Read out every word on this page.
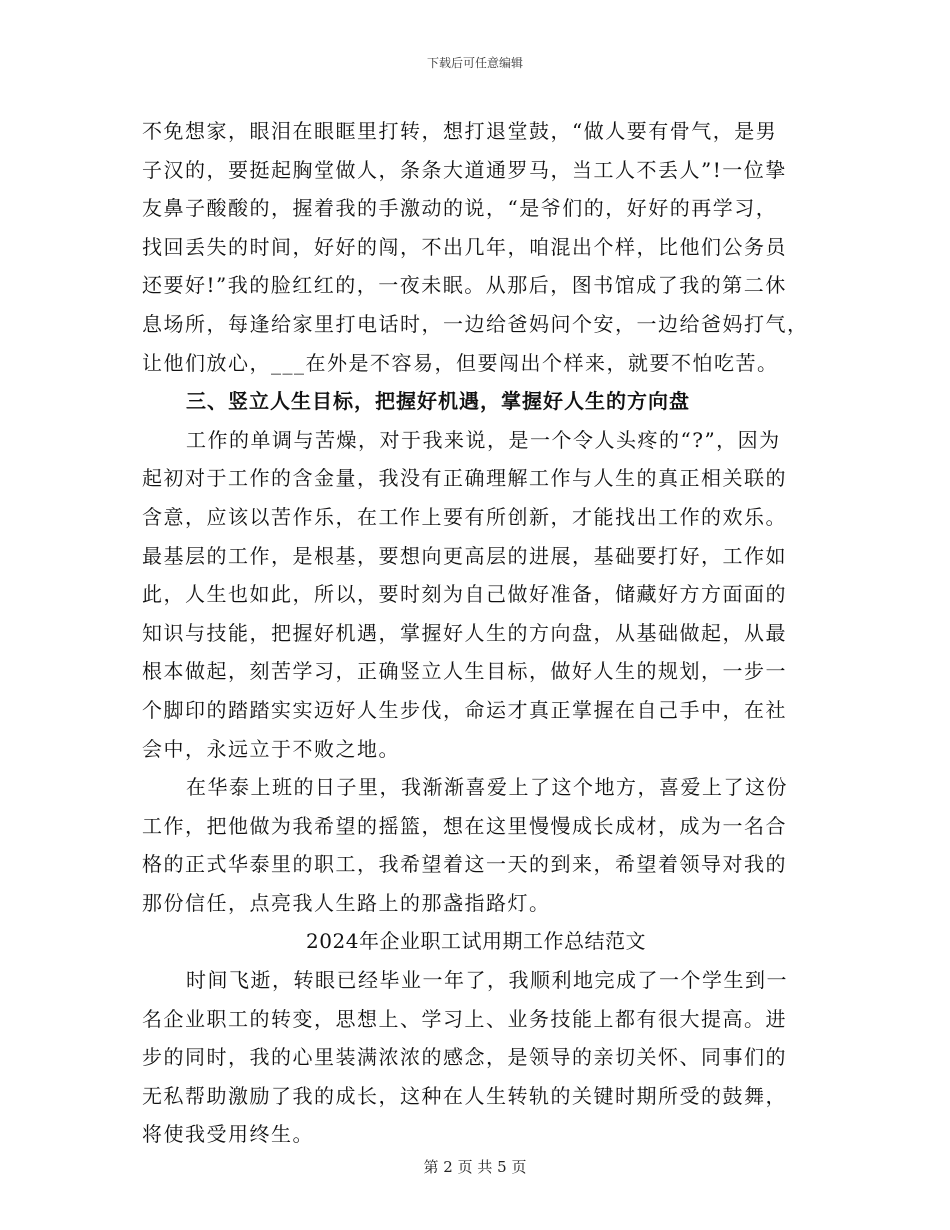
下载后可任意编辑
不免想家，眼泪在眼眶里打转，想打退堂鼓，“做人要有骨气，是男
子汉的，要挺起胸堂做人，条条大道通罗马，当工人不丢人”!一位挚
友鼻子酸酸的，握着我的手激动的说，“是爷们的，好好的再学习，
找回丢失的时间，好好的闯，不出几年，咱混出个样，比他们公务员
还要好!”我的脸红红的，一夜未眠。从那后，图书馆成了我的第二休
息场所，每逢给家里打电话时，一边给爸妈问个安，一边给爸妈打气，
让他们放心，___在外是不容易，但要闯出个样来，就要不怕吃苦。
三、竖立人生目标，把握好机遇，掌握好人生的方向盘
工作的单调与苦燥，对于我来说，是一个令人头疼的“?”，因为
起初对于工作的含金量，我没有正确理解工作与人生的真正相关联的
含意，应该以苦作乐，在工作上要有所创新，才能找出工作的欢乐。
最基层的工作，是根基，要想向更高层的进展，基础要打好，工作如
此，人生也如此，所以，要时刻为自己做好准备，储藏好方方面面的
知识与技能，把握好机遇，掌握好人生的方向盘，从基础做起，从最
根本做起，刻苦学习，正确竖立人生目标，做好人生的规划，一步一
个脚印的踏踏实实迈好人生步伐，命运才真正掌握在自己手中，在社
会中，永远立于不败之地。
在华泰上班的日子里，我渐渐喜爱上了这个地方，喜爱上了这份
工作，把他做为我希望的摇篮，想在这里慢慢成长成材，成为一名合
格的正式华泰里的职工，我希望着这一天的到来，希望着领导对我的
那份信任，点亮我人生路上的那盏指路灯。
2024年企业职工试用期工作总结范文
时间飞逝，转眼已经毕业一年了，我顺利地完成了一个学生到一
名企业职工的转变，思想上、学习上、业务技能上都有很大提高。进
步的同时，我的心里装满浓浓的感念，是领导的亲切关怀、同事们的
无私帮助激励了我的成长，这种在人生转轨的关键时期所受的鼓舞，
将使我受用终生。
第 2 页 共 5 页
